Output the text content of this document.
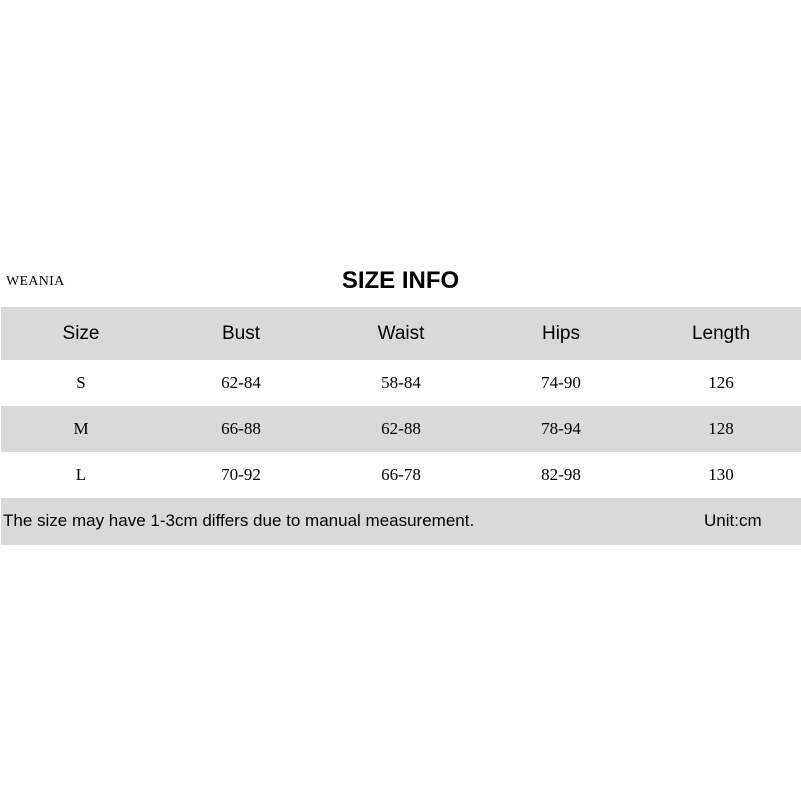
WEANIA	SIZE INFO
Size	Bust	Waist	Hips	Length
S	62-84	58-84	74-90	126
M	66-88	62-88	78-94	128
L	70-92	66-78	82-98	130
The size may have 1-3cm differs due to manual measurement.	Unit:cm
